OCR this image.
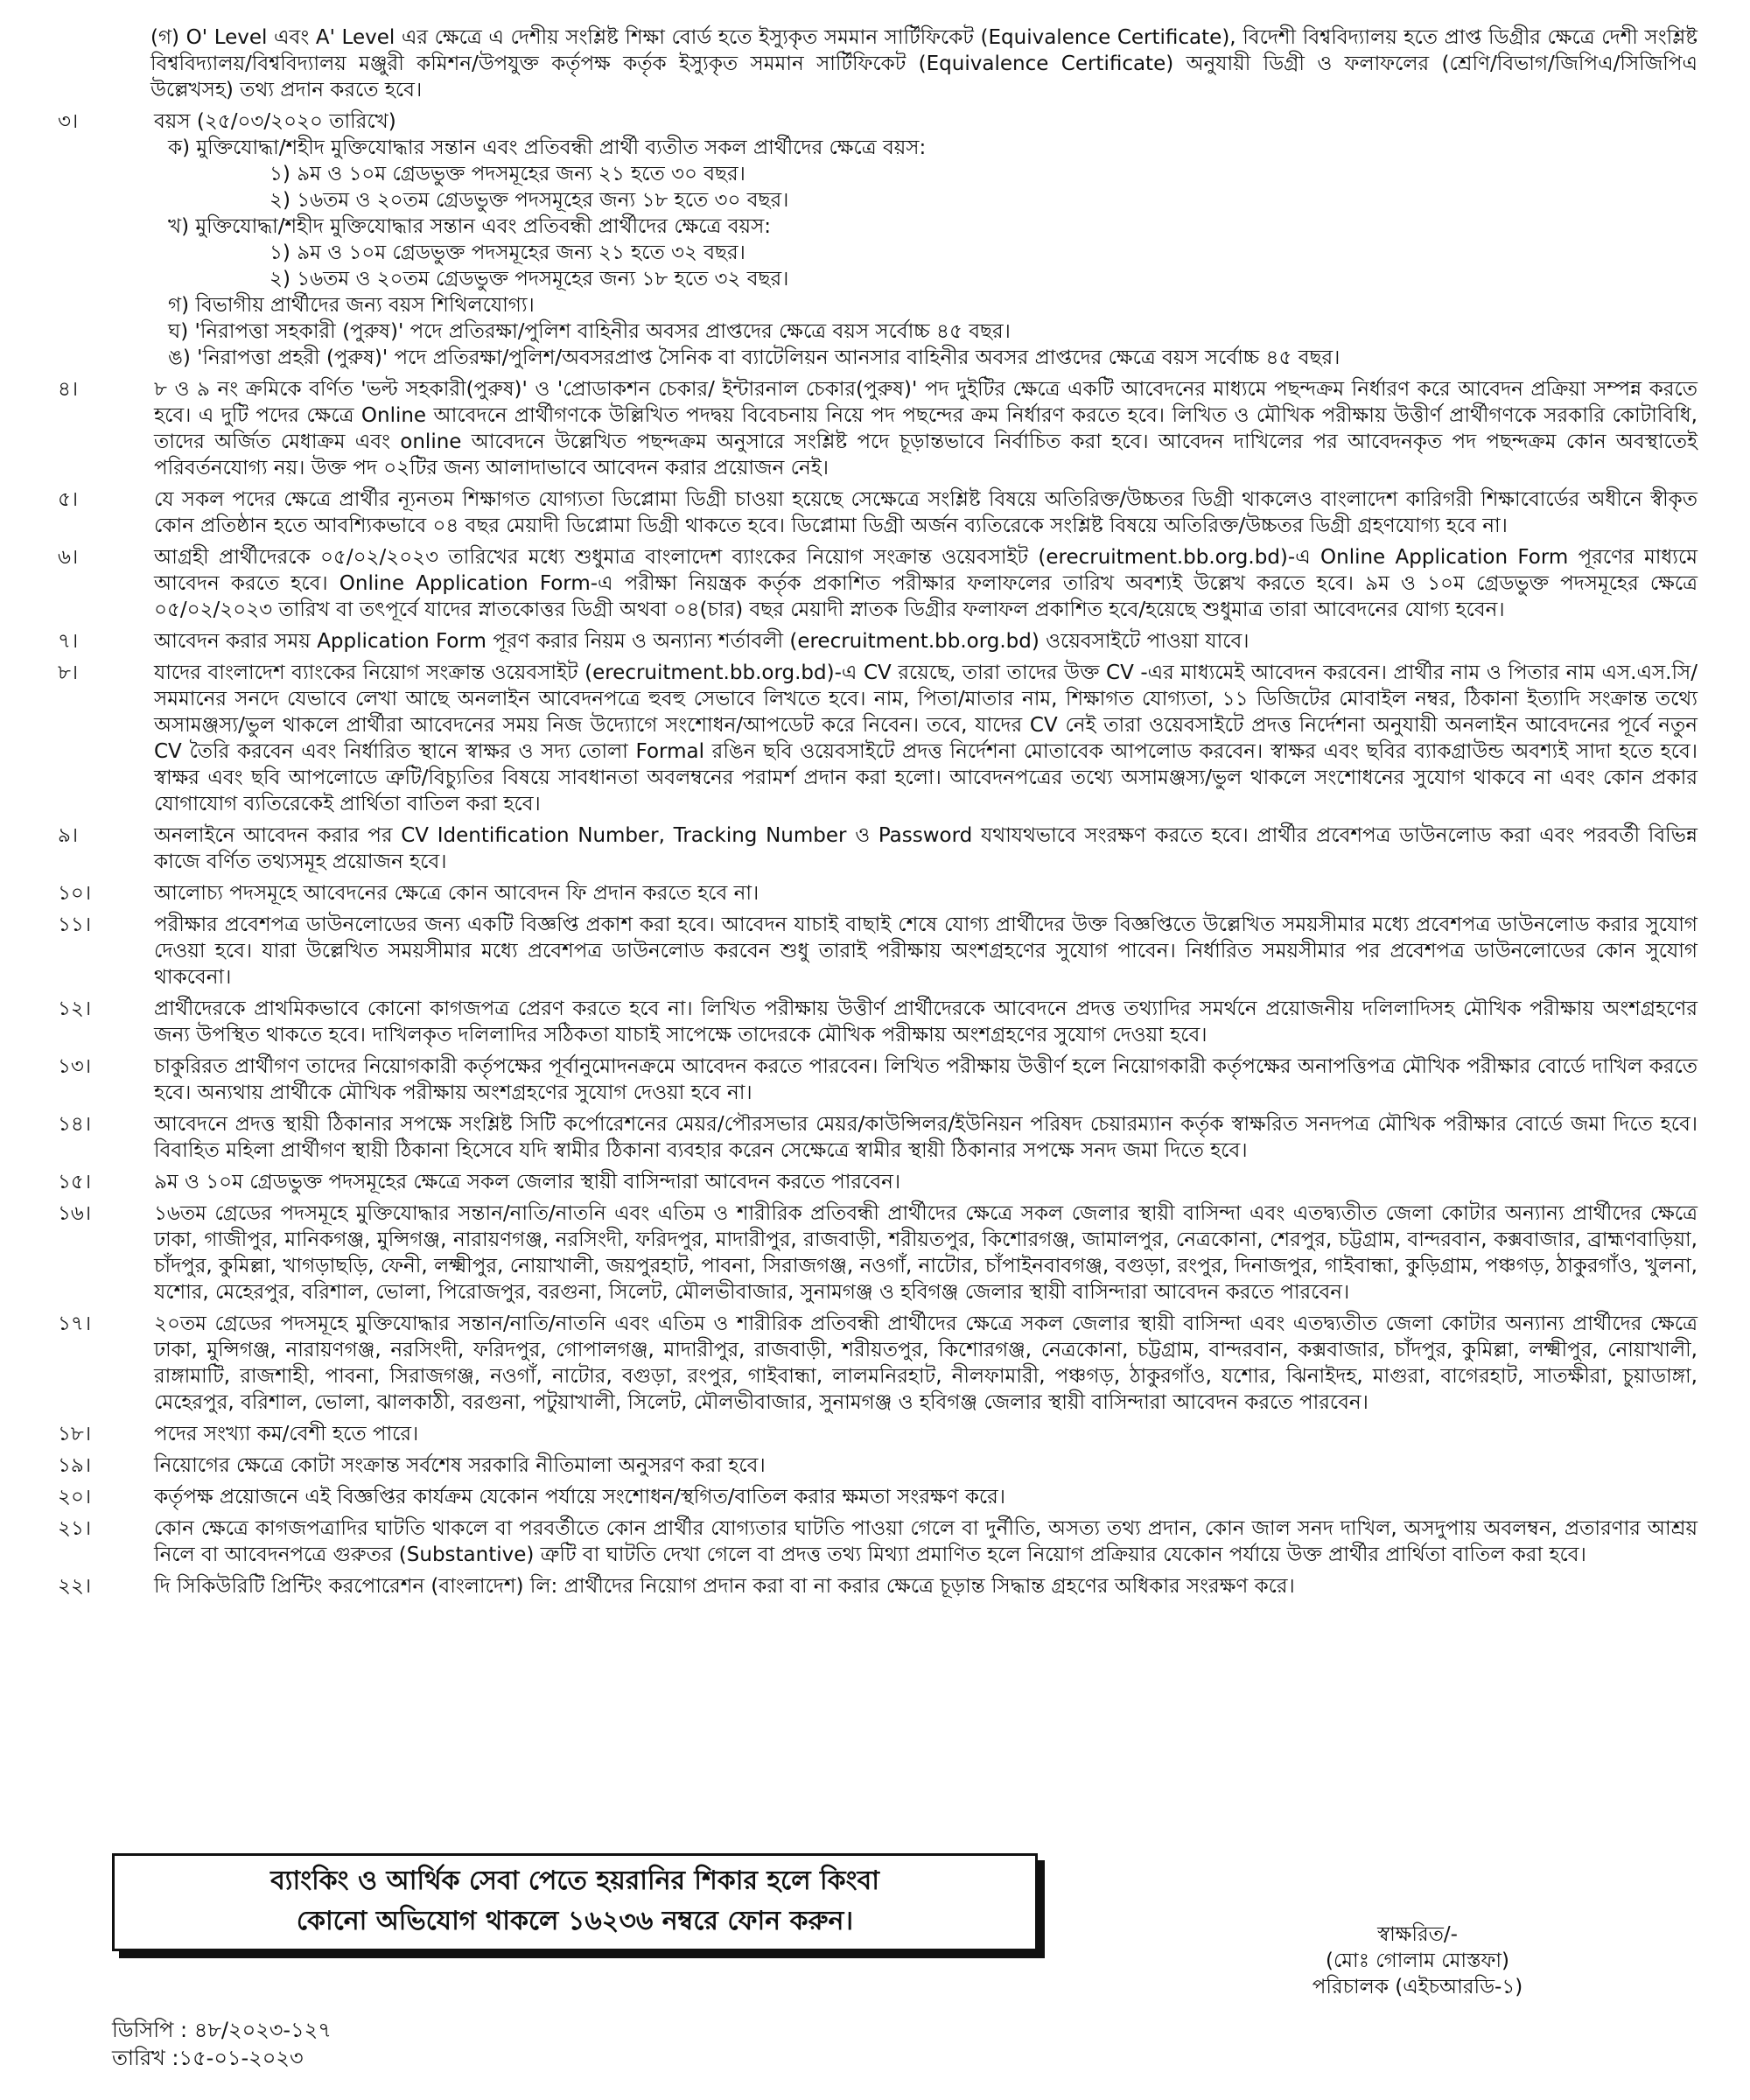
(গ) O' Level এবং A' Level এর ক্ষেত্রে এ দেশীয় সংশ্লিষ্ট শিক্ষা বোর্ড হতে ইস্যুকৃত সমমান সার্টিফিকেট (Equivalence Certificate), বিদেশী বিশ্ববিদ্যালয় হতে প্রাপ্ত ডিগ্রীর ক্ষেত্রে দেশী সংশ্লিষ্ট বিশ্ববিদ্যালয়/বিশ্ববিদ্যালয় মঞ্জুরী কমিশন/উপযুক্ত কর্তৃপক্ষ কর্তৃক ইস্যুকৃত সমমান সার্টিফিকেট (Equivalence Certificate) অনুযায়ী ডিগ্রী ও ফলাফলের (শ্রেণি/বিভাগ/জিপিএ/সিজিপিএ উল্লেখসহ) তথ্য প্রদান করতে হবে।
৩।	বয়স (২৫/০৩/২০২০ তারিখে)
ক) মুক্তিযোদ্ধা/শহীদ মুক্তিযোদ্ধার সন্তান এবং প্রতিবন্ধী প্রার্থী ব্যতীত সকল প্রার্থীদের ক্ষেত্রে বয়স:
১) ৯ম ও ১০ম গ্রেডভুক্ত পদসমূহের জন্য ২১ হতে ৩০ বছর।
২) ১৬তম ও ২০তম গ্রেডভুক্ত পদসমূহের জন্য ১৮ হতে ৩০ বছর।
খ) মুক্তিযোদ্ধা/শহীদ মুক্তিযোদ্ধার সন্তান এবং প্রতিবন্ধী প্রার্থীদের ক্ষেত্রে বয়স:
১) ৯ম ও ১০ম গ্রেডভুক্ত পদসমূহের জন্য ২১ হতে ৩২ বছর।
২) ১৬তম ও ২০তম গ্রেডভুক্ত পদসমূহের জন্য ১৮ হতে ৩২ বছর।
গ) বিভাগীয় প্রার্থীদের জন্য বয়স শিথিলযোগ্য।
ঘ) 'নিরাপত্তা সহকারী (পুরুষ)' পদে প্রতিরক্ষা/পুলিশ বাহিনীর অবসর প্রাপ্তদের ক্ষেত্রে বয়স সর্বোচ্চ ৪৫ বছর।
ঙ) 'নিরাপত্তা প্রহরী (পুরুষ)' পদে প্রতিরক্ষা/পুলিশ/অবসরপ্রাপ্ত সৈনিক বা ব্যাটেলিয়ন আনসার বাহিনীর অবসর প্রাপ্তদের ক্ষেত্রে বয়স সর্বোচ্চ ৪৫ বছর।
৪।	৮ ও ৯ নং ক্রমিকে বর্ণিত 'ভল্ট সহকারী(পুরুষ)' ও 'প্রোডাকশন চেকার/ ইন্টারনাল চেকার(পুরুষ)' পদ দুইটির ক্ষেত্রে একটি আবেদনের মাধ্যমে পছন্দক্রম নির্ধারণ করে আবেদন প্রক্রিয়া সম্পন্ন করতে হবে। এ দুটি পদের ক্ষেত্রে Online আবেদনে প্রার্থীগণকে উল্লিখিত পদদ্বয় বিবেচনায় নিয়ে পদ পছন্দের ক্রম নির্ধারণ করতে হবে। লিখিত ও মৌখিক পরীক্ষায় উত্তীর্ণ প্রার্থীগণকে সরকারি কোটাবিধি, তাদের অর্জিত মেধাক্রম এবং online আবেদনে উল্লেখিত পছন্দক্রম অনুসারে সংশ্লিষ্ট পদে চূড়ান্তভাবে নির্বাচিত করা হবে। আবেদন দাখিলের পর আবেদনকৃত পদ পছন্দক্রম কোন অবস্থাতেই পরিবর্তনযোগ্য নয়। উক্ত পদ ০২টির জন্য আলাদাভাবে আবেদন করার প্রয়োজন নেই।
৫।	যে সকল পদের ক্ষেত্রে প্রার্থীর ন্যূনতম শিক্ষাগত যোগ্যতা ডিপ্লোমা ডিগ্রী চাওয়া হয়েছে সেক্ষেত্রে সংশ্লিষ্ট বিষয়ে অতিরিক্ত/উচ্চতর ডিগ্রী থাকলেও বাংলাদেশ কারিগরী শিক্ষাবোর্ডের অধীনে স্বীকৃত কোন প্রতিষ্ঠান হতে আবশ্যিকভাবে ০৪ বছর মেয়াদী ডিপ্লোমা ডিগ্রী থাকতে হবে। ডিপ্লোমা ডিগ্রী অর্জন ব্যতিরেকে সংশ্লিষ্ট বিষয়ে অতিরিক্ত/উচ্চতর ডিগ্রী গ্রহণযোগ্য হবে না।
৬।	আগ্রহী প্রার্থীদেরকে ০৫/০২/২০২৩ তারিখের মধ্যে শুধুমাত্র বাংলাদেশ ব্যাংকের নিয়োগ সংক্রান্ত ওয়েবসাইট (erecruitment.bb.org.bd)-এ Online Application Form পূরণের মাধ্যমে আবেদন করতে হবে। Online Application Form-এ পরীক্ষা নিয়ন্ত্রক কর্তৃক প্রকাশিত পরীক্ষার ফলাফলের তারিখ অবশ্যই উল্লেখ করতে হবে। ৯ম ও ১০ম গ্রেডভুক্ত পদসমূহের ক্ষেত্রে ০৫/০২/২০২৩ তারিখ বা তৎপূর্বে যাদের স্নাতকোত্তর ডিগ্রী অথবা ০৪(চার) বছর মেয়াদী স্নাতক ডিগ্রীর ফলাফল প্রকাশিত হবে/হয়েছে শুধুমাত্র তারা আবেদনের যোগ্য হবেন।
৭।	আবেদন করার সময় Application Form পূরণ করার নিয়ম ও অন্যান্য শর্তাবলী (erecruitment.bb.org.bd) ওয়েবসাইটে পাওয়া যাবে।
৮।	যাদের বাংলাদেশ ব্যাংকের নিয়োগ সংক্রান্ত ওয়েবসাইট (erecruitment.bb.org.bd)-এ CV রয়েছে, তারা তাদের উক্ত CV -এর মাধ্যমেই আবেদন করবেন। প্রার্থীর নাম ও পিতার নাম এস.এস.সি/সমমানের সনদে যেভাবে লেখা আছে অনলাইন আবেদনপত্রে হুবহু সেভাবে লিখতে হবে। নাম, পিতা/মাতার নাম, শিক্ষাগত যোগ্যতা, ১১ ডিজিটের মোবাইল নম্বর, ঠিকানা ইত্যাদি সংক্রান্ত তথ্যে অসামঞ্জস্য/ভুল থাকলে প্রার্থীরা আবেদনের সময় নিজ উদ্যোগে সংশোধন/আপডেট করে নিবেন। তবে, যাদের CV নেই তারা ওয়েবসাইটে প্রদত্ত নির্দেশনা অনুযায়ী অনলাইন আবেদনের পূর্বে নতুন CV তৈরি করবেন এবং নির্ধারিত স্থানে স্বাক্ষর ও সদ্য তোলা Formal রঙিন ছবি ওয়েবসাইটে প্রদত্ত নির্দেশনা মোতাবেক আপলোড করবেন। স্বাক্ষর এবং ছবির ব্যাকগ্রাউন্ড অবশ্যই সাদা হতে হবে। স্বাক্ষর এবং ছবি আপলোডে ত্রুটি/বিচ্যুতির বিষয়ে সাবধানতা অবলম্বনের পরামর্শ প্রদান করা হলো। আবেদনপত্রের তথ্যে অসামঞ্জস্য/ভুল থাকলে সংশোধনের সুযোগ থাকবে না এবং কোন প্রকার যোগাযোগ ব্যতিরেকেই প্রার্থিতা বাতিল করা হবে।
৯।	অনলাইনে আবেদন করার পর CV Identification Number, Tracking Number ও Password যথাযথভাবে সংরক্ষণ করতে হবে। প্রার্থীর প্রবেশপত্র ডাউনলোড করা এবং পরবর্তী বিভিন্ন কাজে বর্ণিত তথ্যসমূহ প্রয়োজন হবে।
১০।	আলোচ্য পদসমূহে আবেদনের ক্ষেত্রে কোন আবেদন ফি প্রদান করতে হবে না।
১১।	পরীক্ষার প্রবেশপত্র ডাউনলোডের জন্য একটি বিজ্ঞপ্তি প্রকাশ করা হবে। আবেদন যাচাই বাছাই শেষে যোগ্য প্রার্থীদের উক্ত বিজ্ঞপ্তিতে উল্লেখিত সময়সীমার মধ্যে প্রবেশপত্র ডাউনলোড করার সুযোগ দেওয়া হবে। যারা উল্লেখিত সময়সীমার মধ্যে প্রবেশপত্র ডাউনলোড করবেন শুধু তারাই পরীক্ষায় অংশগ্রহণের সুযোগ পাবেন। নির্ধারিত সময়সীমার পর প্রবেশপত্র ডাউনলোডের কোন সুযোগ থাকবেনা।
১২।	প্রার্থীদেরকে প্রাথমিকভাবে কোনো কাগজপত্র প্রেরণ করতে হবে না। লিখিত পরীক্ষায় উত্তীর্ণ প্রার্থীদেরকে আবেদনে প্রদত্ত তথ্যাদির সমর্থনে প্রয়োজনীয় দলিলাদিসহ মৌখিক পরীক্ষায় অংশগ্রহণের জন্য উপস্থিত থাকতে হবে। দাখিলকৃত দলিলাদির সঠিকতা যাচাই সাপেক্ষে তাদেরকে মৌখিক পরীক্ষায় অংশগ্রহণের সুযোগ দেওয়া হবে।
১৩।	চাকুরিরত প্রার্থীগণ তাদের নিয়োগকারী কর্তৃপক্ষের পূর্বানুমোদনক্রমে আবেদন করতে পারবেন। লিখিত পরীক্ষায় উত্তীর্ণ হলে নিয়োগকারী কর্তৃপক্ষের অনাপত্তিপত্র মৌখিক পরীক্ষার বোর্ডে দাখিল করতে হবে। অন্যথায় প্রার্থীকে মৌখিক পরীক্ষায় অংশগ্রহণের সুযোগ দেওয়া হবে না।
১৪।	আবেদনে প্রদত্ত স্থায়ী ঠিকানার সপক্ষে সংশ্লিষ্ট সিটি কর্পোরেশনের মেয়র/পৌরসভার মেয়র/কাউন্সিলর/ইউনিয়ন পরিষদ চেয়ারম্যান কর্তৃক স্বাক্ষরিত সনদপত্র মৌখিক পরীক্ষার বোর্ডে জমা দিতে হবে। বিবাহিত মহিলা প্রার্থীগণ স্থায়ী ঠিকানা হিসেবে যদি স্বামীর ঠিকানা ব্যবহার করেন সেক্ষেত্রে স্বামীর স্থায়ী ঠিকানার সপক্ষে সনদ জমা দিতে হবে।
১৫।	৯ম ও ১০ম গ্রেডভুক্ত পদসমূহের ক্ষেত্রে সকল জেলার স্থায়ী বাসিন্দারা আবেদন করতে পারবেন।
১৬।	১৬তম গ্রেডের পদসমূহে মুক্তিযোদ্ধার সন্তান/নাতি/নাতনি এবং এতিম ও শারীরিক প্রতিবন্ধী প্রার্থীদের ক্ষেত্রে সকল জেলার স্থায়ী বাসিন্দা এবং এতদ্ব্যতীত জেলা কোটার অন্যান্য প্রার্থীদের ক্ষেত্রে ঢাকা, গাজীপুর, মানিকগঞ্জ, মুন্সিগঞ্জ, নারায়ণগঞ্জ, নরসিংদী, ফরিদপুর, মাদারীপুর, রাজবাড়ী, শরীয়তপুর, কিশোরগঞ্জ, জামালপুর, নেত্রকোনা, শেরপুর, চট্টগ্রাম, বান্দরবান, কক্সবাজার, ব্রাহ্মণবাড়িয়া, চাঁদপুর, কুমিল্লা, খাগড়াছড়ি, ফেনী, লক্ষ্মীপুর, নোয়াখালী, জয়পুরহাট, পাবনা, সিরাজগঞ্জ, নওগাঁ, নাটোর, চাঁপাইনবাবগঞ্জ, বগুড়া, রংপুর, দিনাজপুর, গাইবান্ধা, কুড়িগ্রাম, পঞ্চগড়, ঠাকুরগাঁও, খুলনা, যশোর, মেহেরপুর, বরিশাল, ভোলা, পিরোজপুর, বরগুনা, সিলেট, মৌলভীবাজার, সুনামগঞ্জ ও হবিগঞ্জ জেলার স্থায়ী বাসিন্দারা আবেদন করতে পারবেন।
১৭।	২০তম গ্রেডের পদসমূহে মুক্তিযোদ্ধার সন্তান/নাতি/নাতনি এবং এতিম ও শারীরিক প্রতিবন্ধী প্রার্থীদের ক্ষেত্রে সকল জেলার স্থায়ী বাসিন্দা এবং এতদ্ব্যতীত জেলা কোটার অন্যান্য প্রার্থীদের ক্ষেত্রে ঢাকা, মুন্সিগঞ্জ, নারায়ণগঞ্জ, নরসিংদী, ফরিদপুর, গোপালগঞ্জ, মাদারীপুর, রাজবাড়ী, শরীয়তপুর, কিশোরগঞ্জ, নেত্রকোনা, চট্টগ্রাম, বান্দরবান, কক্সবাজার, চাঁদপুর, কুমিল্লা, লক্ষ্মীপুর, নোয়াখালী, রাঙ্গামাটি, রাজশাহী, পাবনা, সিরাজগঞ্জ, নওগাঁ, নাটোর, বগুড়া, রংপুর, গাইবান্ধা, লালমনিরহাট, নীলফামারী, পঞ্চগড়, ঠাকুরগাঁও, যশোর, ঝিনাইদহ, মাগুরা, বাগেরহাট, সাতক্ষীরা, চুয়াডাঙ্গা, মেহেরপুর, বরিশাল, ভোলা, ঝালকাঠী, বরগুনা, পটুয়াখালী, সিলেট, মৌলভীবাজার, সুনামগঞ্জ ও হবিগঞ্জ জেলার স্থায়ী বাসিন্দারা আবেদন করতে পারবেন।
১৮।	পদের সংখ্যা কম/বেশী হতে পারে।
১৯।	নিয়োগের ক্ষেত্রে কোটা সংক্রান্ত সর্বশেষ সরকারি নীতিমালা অনুসরণ করা হবে।
২০।	কর্তৃপক্ষ প্রয়োজনে এই বিজ্ঞপ্তির কার্যক্রম যেকোন পর্যায়ে সংশোধন/স্থগিত/বাতিল করার ক্ষমতা সংরক্ষণ করে।
২১।	কোন ক্ষেত্রে কাগজপত্রাদির ঘাটতি থাকলে বা পরবর্তীতে কোন প্রার্থীর যোগ্যতার ঘাটতি পাওয়া গেলে বা দুর্নীতি, অসত্য তথ্য প্রদান, কোন জাল সনদ দাখিল, অসদুপায় অবলম্বন, প্রতারণার আশ্রয় নিলে বা আবেদনপত্রে গুরুতর (Substantive) ত্রুটি বা ঘাটতি দেখা গেলে বা প্রদত্ত তথ্য মিথ্যা প্রমাণিত হলে নিয়োগ প্রক্রিয়ার যেকোন পর্যায়ে উক্ত প্রার্থীর প্রার্থিতা বাতিল করা হবে।
২২।	দি সিকিউরিটি প্রিন্টিং করপোরেশন (বাংলাদেশ) লি: প্রার্থীদের নিয়োগ প্রদান করা বা না করার ক্ষেত্রে চূড়ান্ত সিদ্ধান্ত গ্রহণের অধিকার সংরক্ষণ করে।
ব্যাংকিং ও আর্থিক সেবা পেতে হয়রানির শিকার হলে কিংবা
কোনো অভিযোগ থাকলে ১৬২৩৬ নম্বরে ফোন করুন।	স্বাক্ষরিত/-
(মোঃ গোলাম মোস্তফা)
পরিচালক (এইচআরডি-১)
ডিসিপি : ৪৮/২০২৩-১২৭
তারিখ :১৫-০১-২০২৩
